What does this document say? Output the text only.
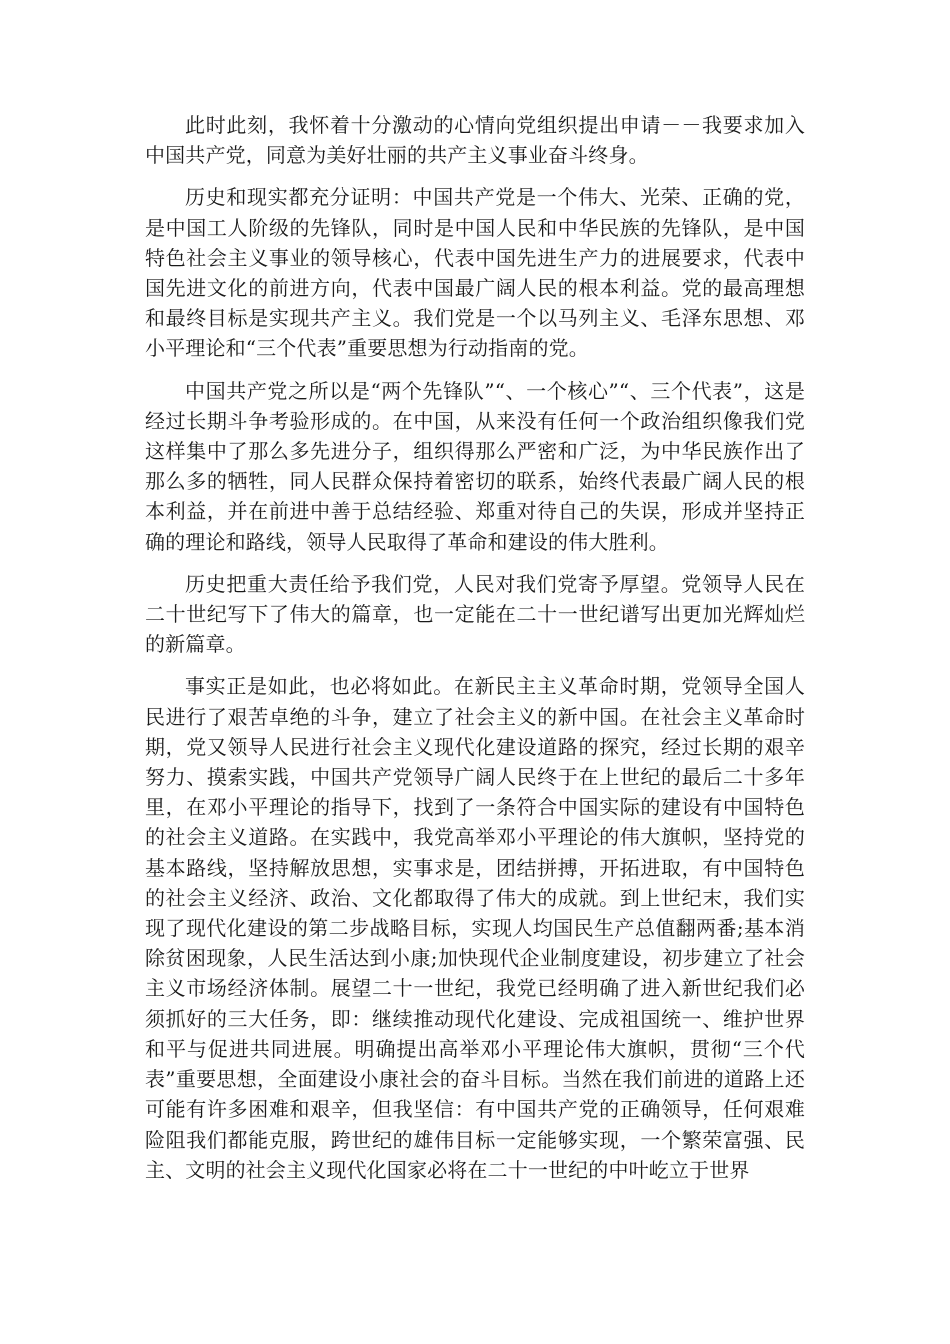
此时此刻，我怀着十分激动的心情向党组织提出申请－－我要求加入中国共产党，同意为美好壮丽的共产主义事业奋斗终身。

历史和现实都充分证明：中国共产党是一个伟大、光荣、正确的党，是中国工人阶级的先锋队，同时是中国人民和中华民族的先锋队，是中国特色社会主义事业的领导核心，代表中国先进生产力的进展要求，代表中国先进文化的前进方向，代表中国最广阔人民的根本利益。党的最高理想和最终目标是实现共产主义。我们党是一个以马列主义、毛泽东思想、邓小平理论和“三个代表”重要思想为行动指南的党。

中国共产党之所以是“两个先锋队”“、一个核心”“、三个代表”，这是经过长期斗争考验形成的。在中国，从来没有任何一个政治组织像我们党这样集中了那么多先进分子，组织得那么严密和广泛，为中华民族作出了那么多的牺牲，同人民群众保持着密切的联系，始终代表最广阔人民的根本利益，并在前进中善于总结经验、郑重对待自己的失误，形成并坚持正确的理论和路线，领导人民取得了革命和建设的伟大胜利。

历史把重大责任给予我们党，人民对我们党寄予厚望。党领导人民在二十世纪写下了伟大的篇章，也一定能在二十一世纪谱写出更加光辉灿烂的新篇章。

事实正是如此，也必将如此。在新民主主义革命时期，党领导全国人民进行了艰苦卓绝的斗争，建立了社会主义的新中国。在社会主义革命时期，党又领导人民进行社会主义现代化建设道路的探究，经过长期的艰辛努力、摸索实践，中国共产党领导广阔人民终于在上世纪的最后二十多年里，在邓小平理论的指导下，找到了一条符合中国实际的建设有中国特色的社会主义道路。在实践中，我党高举邓小平理论的伟大旗帜，坚持党的基本路线，坚持解放思想，实事求是，团结拼搏，开拓进取，有中国特色的社会主义经济、政治、文化都取得了伟大的成就。到上世纪末，我们实现了现代化建设的第二步战略目标，实现人均国民生产总值翻两番;基本消除贫困现象，人民生活达到小康;加快现代企业制度建设，初步建立了社会主义市场经济体制。展望二十一世纪，我党已经明确了进入新世纪我们必须抓好的三大任务，即：继续推动现代化建设、完成祖国统一、维护世界和平与促进共同进展。明确提出高举邓小平理论伟大旗帜，贯彻“三个代表”重要思想，全面建设小康社会的奋斗目标。当然在我们前进的道路上还可能有许多困难和艰辛，但我坚信：有中国共产党的正确领导，任何艰难险阻我们都能克服，跨世纪的雄伟目标一定能够实现，一个繁荣富强、民主、文明的社会主义现代化国家必将在二十一世纪的中叶屹立于世界
